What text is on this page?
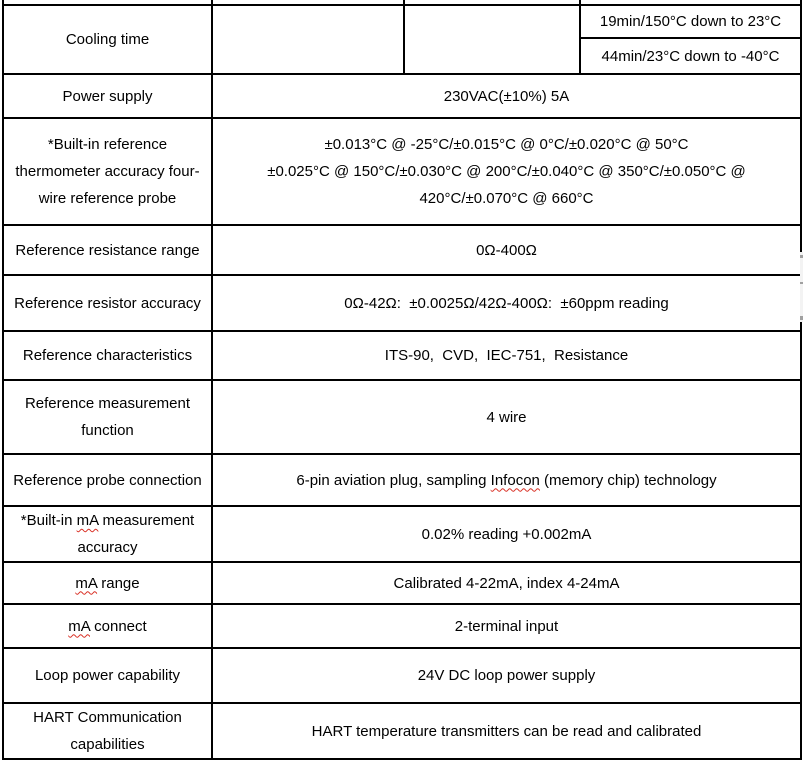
Cooling time			19min/150°C down to 23°C
			44min/23°C down to -40°C
Power supply	230VAC(±10%) 5A		
*Built-in reference thermometer accuracy four-wire reference probe	±0.013°C @ -25°C/±0.015°C @ 0°C/±0.020°C @ 50°C
±0.025°C @ 150°C/±0.030°C @ 200°C/±0.040°C @ 350°C/±0.050°C @
420°C/±0.070°C @ 660°C		

Reference resistance range	0Ω-400Ω		
Reference resistor accuracy	0Ω-42Ω:  ±0.0025Ω/42Ω-400Ω:  ±60ppm reading		
Reference characteristics	ITS-90,  CVD,  IEC-751,  Resistance		
Reference measurement function	4 wire		
Reference probe connection	6-pin aviation plug, sampling Infocon (memory chip) technology		
*Built-in mA measurement accuracy	0.02% reading +0.002mA		
mA range	Calibrated 4-22mA, index 4-24mA		
mA connect	2-terminal input		
Loop power capability	24V DC loop power supply		
HART Communication capabilities	HART temperature transmitters can be read and calibrated		
